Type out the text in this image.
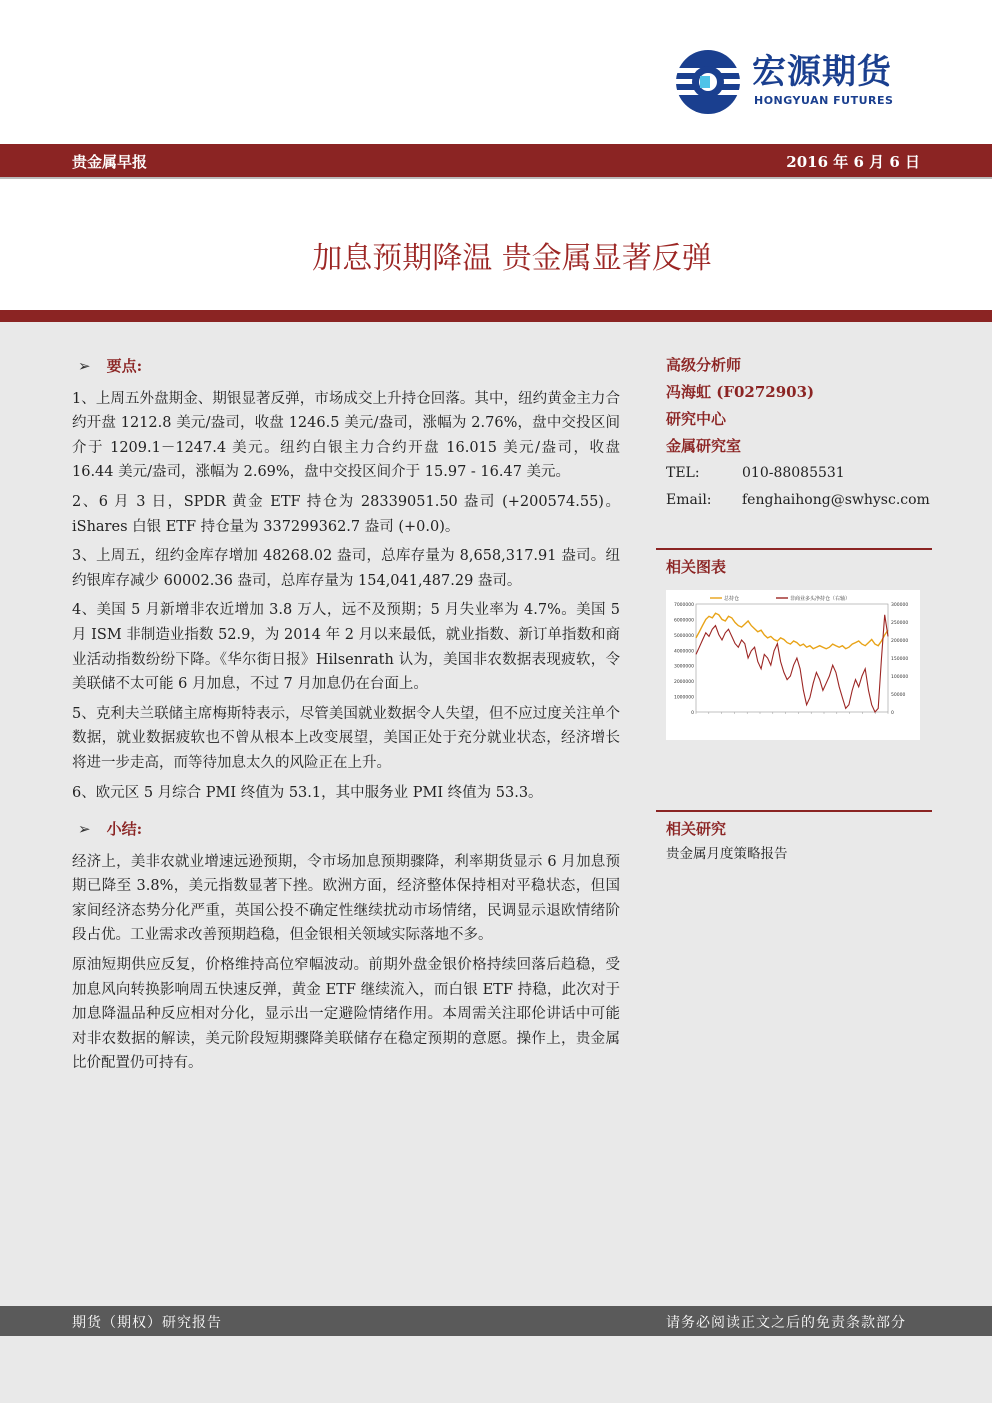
宏源期货
HONGYUAN FUTURES
贵金属早报	2016 年 6 月 6 日
加息预期降温 贵金属显著反弹
➢ 要点:

1、上周五外盘期金、期银显著反弹，市场成交上升持仓回落。其中，纽约黄金主力合约开盘 1212.8 美元/盎司，收盘 1246.5 美元/盎司，涨幅为 2.76%，盘中交投区间介于 1209.1－1247.4 美元。纽约白银主力合约开盘 16.015 美元/盎司，收盘 16.44 美元/盎司，涨幅为 2.69%，盘中交投区间介于 15.97 - 16.47 美元。

2、6 月 3 日，SPDR 黄金 ETF 持仓为 28339051.50 盎司 (+200574.55)。iShares 白银 ETF 持仓量为 337299362.7 盎司 (+0.0)。

3、上周五，纽约金库存增加 48268.02 盎司，总库存量为 8,658,317.91 盎司。纽约银库存减少 60002.36 盎司，总库存量为 154,041,487.29 盎司。

4、美国 5 月新增非农近增加 3.8 万人，远不及预期；5 月失业率为 4.7%。美国 5 月 ISM 非制造业指数 52.9，为 2014 年 2 月以来最低，就业指数、新订单指数和商业活动指数纷纷下降。《华尔街日报》Hilsenrath 认为，美国非农数据表现疲软，令美联储不太可能 6 月加息，不过 7 月加息仍在台面上。

5、克利夫兰联储主席梅斯特表示，尽管美国就业数据令人失望，但不应过度关注单个数据，就业数据疲软也不曾从根本上改变展望，美国正处于充分就业状态，经济增长将进一步走高，而等待加息太久的风险正在上升。

6、欧元区 5 月综合 PMI 终值为 53.1，其中服务业 PMI 终值为 53.3。

➢ 小结:

经济上，美非农就业增速远逊预期，令市场加息预期骤降，利率期货显示 6 月加息预期已降至 3.8%，美元指数显著下挫。欧洲方面，经济整体保持相对平稳状态，但国家间经济态势分化严重，英国公投不确定性继续扰动市场情绪，民调显示退欧情绪阶段占优。工业需求改善预期趋稳，但金银相关领域实际落地不多。

原油短期供应反复，价格维持高位窄幅波动。前期外盘金银价格持续回落后趋稳，受加息风向转换影响周五快速反弹，黄金 ETF 继续流入，而白银 ETF 持稳，此次对于加息降温品种反应相对分化，显示出一定避险情绪作用。本周需关注耶伦讲话中可能对非农数据的解读，美元阶段短期骤降美联储存在稳定预期的意愿。操作上，贵金属比价配置仍可持有。

高级分析师
冯海虹 (F0272903)
研究中心
金属研究室
TEL:	010-88085531
Email: fenghaihong@swhysc.com
相关图表
7000000
6000000
5000000
4000000
3000000
2000000
1000000
0
300000
250000
200000
150000
100000
50000
0
总持仓	非商业多头净持仓（右轴）
相关研究
贵金属月度策略报告
期货（期权）研究报告	请务必阅读正文之后的免责条款部分
